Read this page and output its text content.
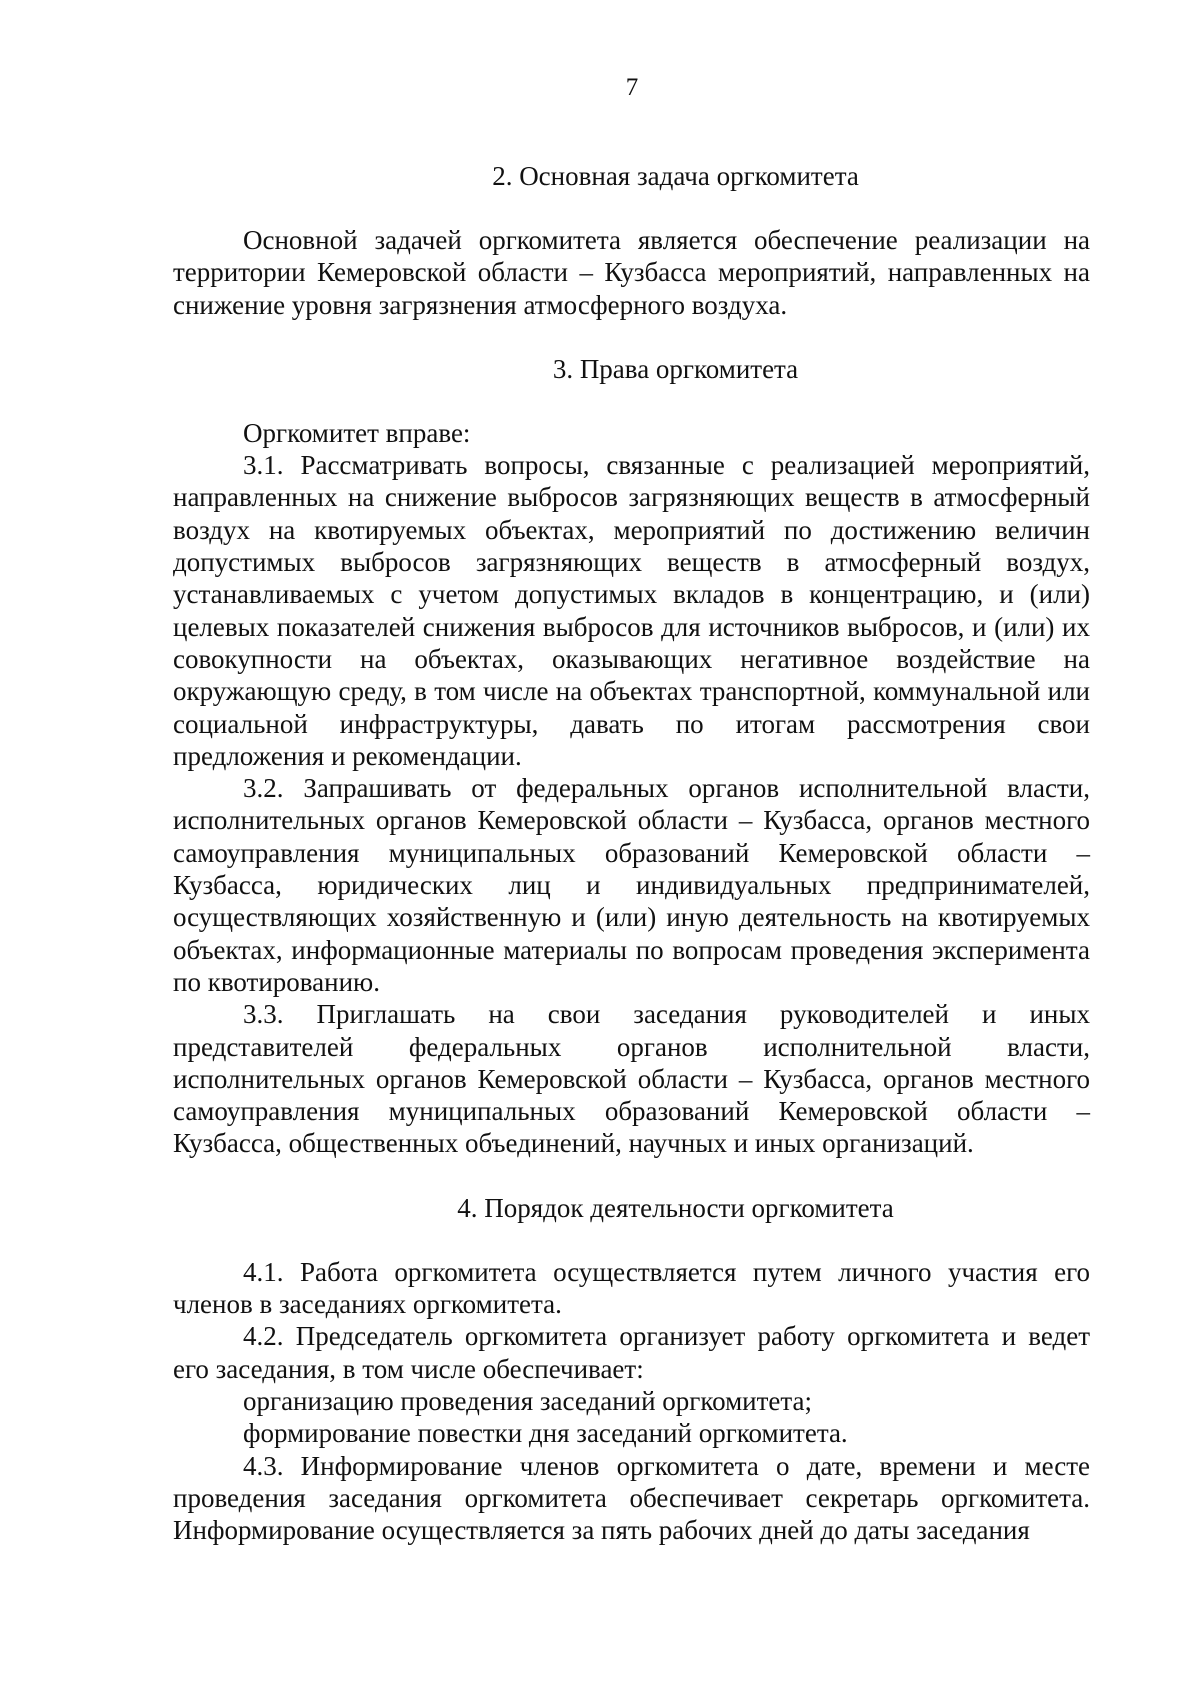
7
2. Основная задача оргкомитета

Основной задачей оргкомитета является обеспечение реализации на территории Кемеровской области – Кузбасса мероприятий, направленных на снижение уровня загрязнения атмосферного воздуха.

3. Права оргкомитета

Оргкомитет вправе:

3.1. Рассматривать вопросы, связанные с реализацией мероприятий, направленных на снижение выбросов загрязняющих веществ в атмосферный воздух на квотируемых объектах, мероприятий по достижению величин допустимых выбросов загрязняющих веществ в атмосферный воздух, устанавливаемых с учетом допустимых вкладов в концентрацию, и (или) целевых показателей снижения выбросов для источников выбросов, и (или) их совокупности на объектах, оказывающих негативное воздействие на окружающую среду, в том числе на объектах транспортной, коммунальной или социальной инфраструктуры, давать по итогам рассмотрения свои предложения и рекомендации.

3.2. Запрашивать от федеральных органов исполнительной власти, исполнительных органов Кемеровской области – Кузбасса, органов местного самоуправления муниципальных образований Кемеровской области – Кузбасса, юридических лиц и индивидуальных предпринимателей, осуществляющих хозяйственную и (или) иную деятельность на квотируемых объектах, информационные материалы по вопросам проведения эксперимента по квотированию.

3.3. Приглашать на свои заседания руководителей и иных представителей федеральных органов исполнительной власти, исполнительных органов Кемеровской области – Кузбасса, органов местного самоуправления муниципальных образований Кемеровской области – Кузбасса, общественных объединений, научных и иных организаций.

4. Порядок деятельности оргкомитета

4.1. Работа оргкомитета осуществляется путем личного участия его членов в заседаниях оргкомитета.

4.2. Председатель оргкомитета организует работу оргкомитета и ведет его заседания, в том числе обеспечивает:

организацию проведения заседаний оргкомитета;

формирование повестки дня заседаний оргкомитета.

4.3. Информирование членов оргкомитета о дате, времени и месте проведения заседания оргкомитета обеспечивает секретарь оргкомитета. Информирование осуществляется за пять рабочих дней до даты заседания
